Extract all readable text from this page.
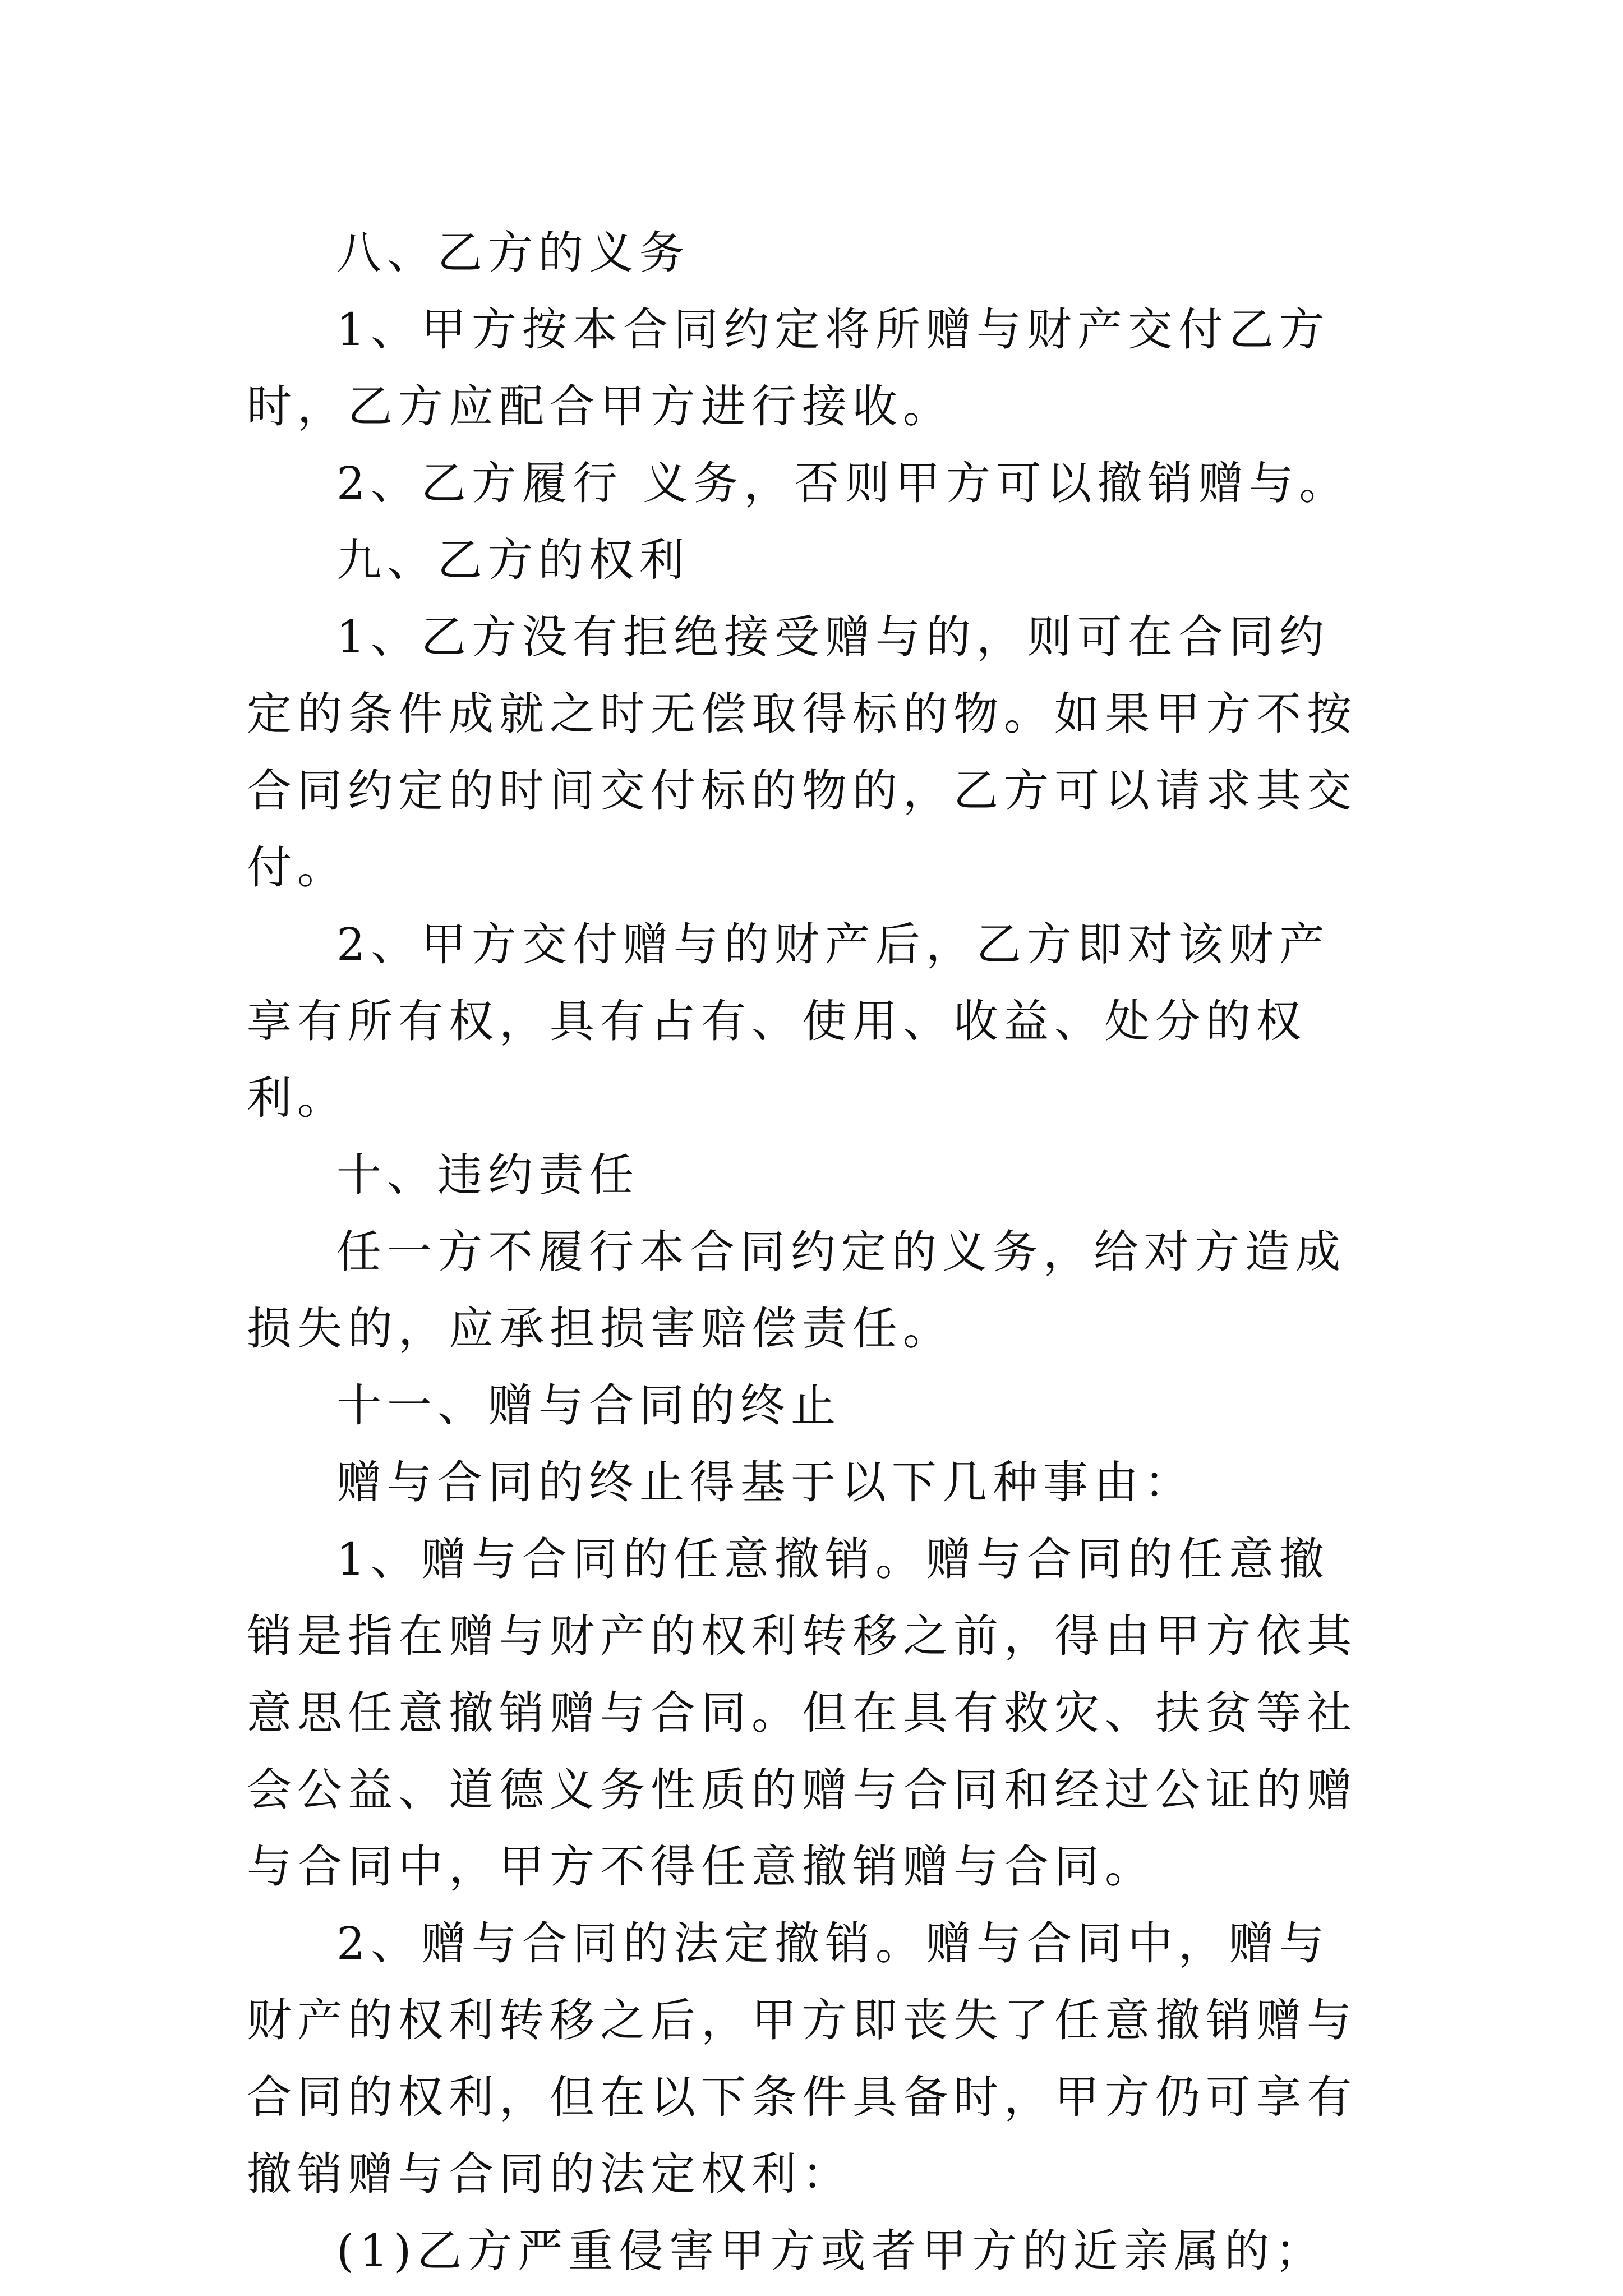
八、乙方的义务

1、甲方按本合同约定将所赠与财产交付乙方时，乙方应配合甲方进行接收。

2、乙方履行 义务，否则甲方可以撤销赠与。

九、乙方的权利

1、乙方没有拒绝接受赠与的，则可在合同约定的条件成就之时无偿取得标的物。如果甲方不按合同约定的时间交付标的物的，乙方可以请求其交付。

2、甲方交付赠与的财产后，乙方即对该财产享有所有权，具有占有、使用、收益、处分的权利。

十、违约责任

任一方不履行本合同约定的义务，给对方造成损失的，应承担损害赔偿责任。

十一、赠与合同的终止

赠与合同的终止得基于以下几种事由：

1、赠与合同的任意撤销。赠与合同的任意撤销是指在赠与财产的权利转移之前，得由甲方依其意思任意撤销赠与合同。但在具有救灾、扶贫等社会公益、道德义务性质的赠与合同和经过公证的赠与合同中，甲方不得任意撤销赠与合同。

2、赠与合同的法定撤销。赠与合同中，赠与财产的权利转移之后，甲方即丧失了任意撤销赠与合同的权利，但在以下条件具备时，甲方仍可享有撤销赠与合同的法定权利：

(1)乙方严重侵害甲方或者甲方的近亲属的；
